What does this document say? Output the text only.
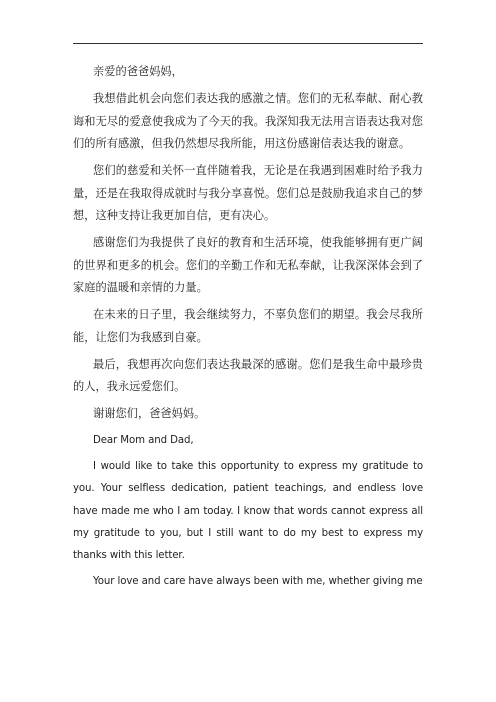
亲爱的爸爸妈妈，

我想借此机会向您们表达我的感激之情。您们的无私奉献、耐心教诲和无尽的爱意使我成为了今天的我。我深知我无法用言语表达我对您们的所有感激，但我仍然想尽我所能，用这份感谢信表达我的谢意。

您们的慈爱和关怀一直伴随着我，无论是在我遇到困难时给予我力量，还是在我取得成就时与我分享喜悦。您们总是鼓励我追求自己的梦想，这种支持让我更加自信，更有决心。

感谢您们为我提供了良好的教育和生活环境，使我能够拥有更广阔的世界和更多的机会。您们的辛勤工作和无私奉献，让我深深体会到了家庭的温暖和亲情的力量。

在未来的日子里，我会继续努力，不辜负您们的期望。我会尽我所能，让您们为我感到自豪。

最后，我想再次向您们表达我最深的感谢。您们是我生命中最珍贵的人，我永远爱您们。

谢谢您们，爸爸妈妈。

Dear Mom and Dad,

I would like to take this opportunity to express my gratitude to you. Your selfless dedication, patient teachings, and endless love have made me who I am today. I know that words cannot express all my gratitude to you, but I still want to do my best to express my thanks with this letter.

Your love and care have always been with me, whether giving me
